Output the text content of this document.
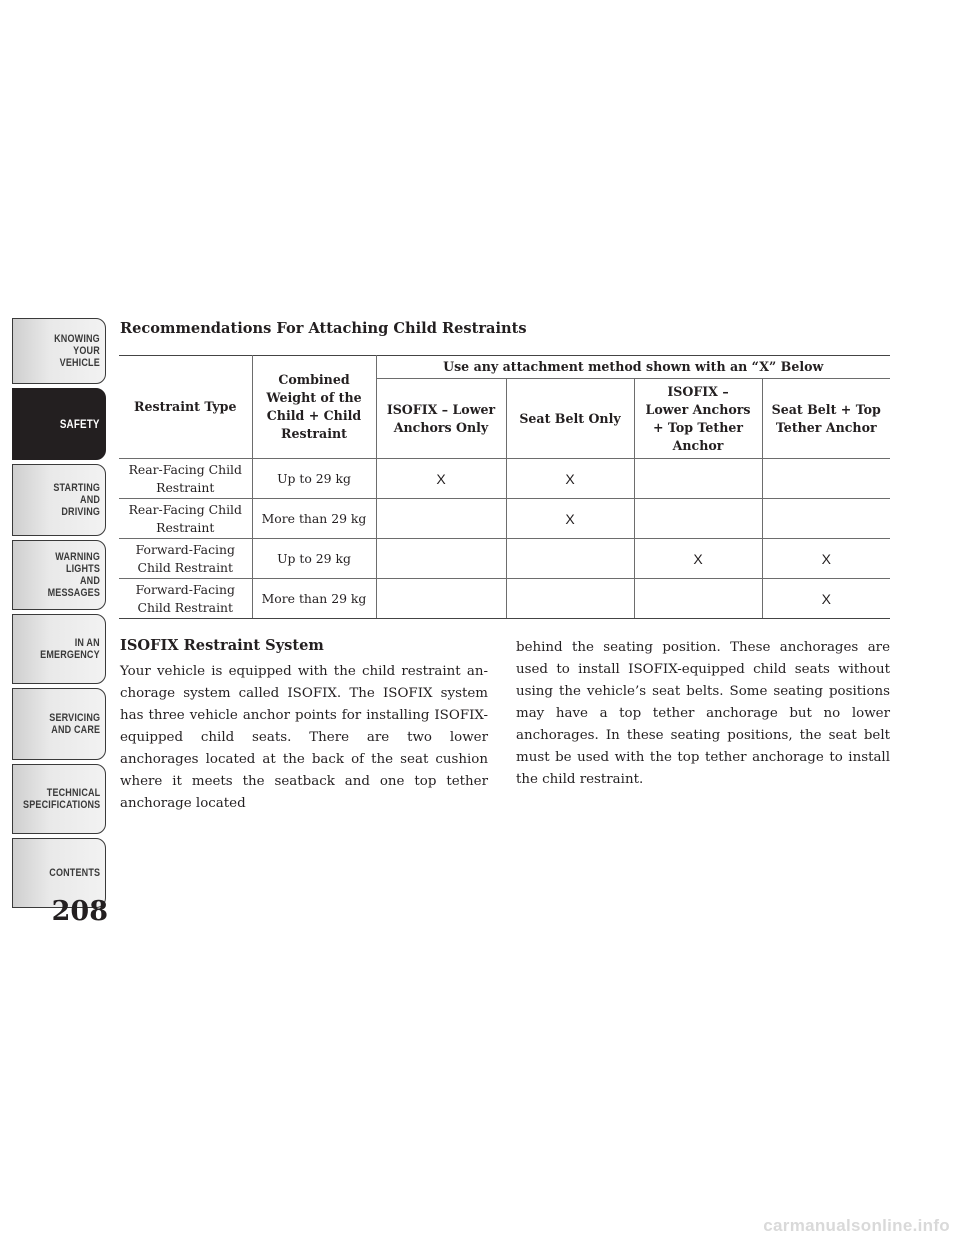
KNOWING
YOUR
VEHICLE
SAFETY
STARTING
AND
DRIVING
WARNING
LIGHTS
AND
MESSAGES
IN AN
EMERGENCY
SERVICING
AND CARE
TECHNICAL
SPECIFICATIONS
CONTENTS
208
Recommendations For Attaching Child Restraints
Restraint Type	Combined Weight of the Child + Child Restraint	Use any attachment method shown with an “X” Below			
		ISOFIX – Lower Anchors Only	Seat Belt Only	ISOFIX – Lower Anchors + Top Tether Anchor	Seat Belt + Top Tether Anchor
Rear-Facing Child Restraint	Up to 29 kg	X	X		
Rear-Facing Child Restraint	More than 29 kg		X		
Forward-Facing Child Restraint	Up to 29 kg			X	X
Forward-Facing Child Restraint	More than 29 kg				X
ISOFIX Restraint System

Your vehicle is equipped with the child restraint an- chorage system called ISOFIX. The ISOFIX system has three vehicle anchor points for installing ISOFIX- equipped child seats. There are two lower anchorages located at the back of the seat cushion where it meets the seatback and one top tether anchorage located

behind the seating position. These anchorages are used to install ISOFIX-equipped child seats without using the vehicle’s seat belts. Some seating positions may have a top tether anchorage but no lower anchorages. In these seating positions, the seat belt must be used with the top tether anchorage to install the child restraint.

carmanualsonline.info
